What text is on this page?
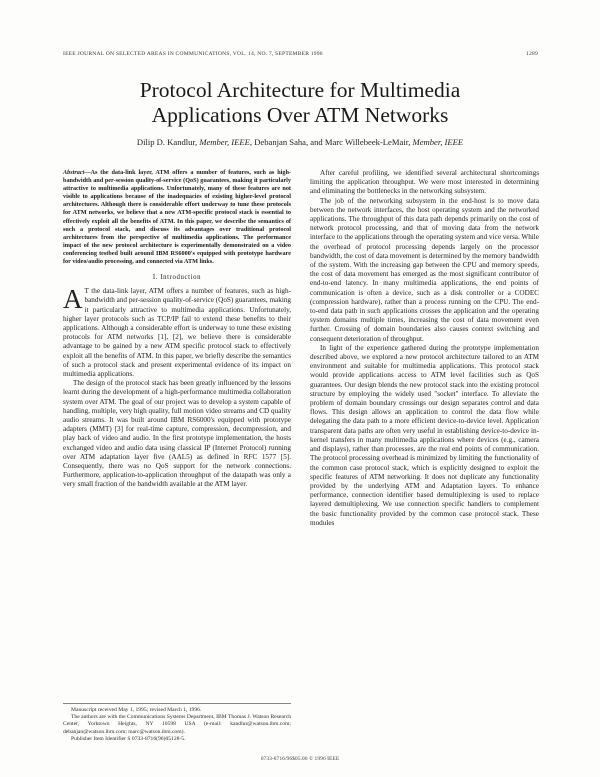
IEEE JOURNAL ON SELECTED AREAS IN COMMUNICATIONS, VOL. 14, NO. 7, SEPTEMBER 1996	1289
Protocol Architecture for Multimedia
Applications Over ATM Networks
Dilip D. Kandlur, Member, IEEE, Debanjan Saha, and Marc Willebeek-LeMair, Member, IEEE
Abstract—As the data-link layer, ATM offers a number of features, such as high-bandwidth and per-session quality-of-service (QoS) guarantees, making it particularly attractive to multimedia applications. Unfortunately, many of these features are not visible to applications because of the inadequacies of existing higher-level protocol architectures. Although there is considerable effort underway to tune these protocols for ATM networks, we believe that a new ATM-specific protocol stack is essential to effectively exploit all the benefits of ATM. In this paper, we describe the semantics of such a protocol stack, and discuss its advantages over traditional protocol architectures from the perspective of multimedia applications. The performance impact of the new protocol architecture is experimentally demonstrated on a video conferencing testbed built around IBM RS6000's equipped with prototype hardware for video/audio processing, and connected via ATM links.
I. Introduction

A T the data-link layer, ATM offers a number of features, such as high-bandwidth and per-session quality-of-service (QoS) guarantees, making it particularly attractive to multimedia applications. Unfortunately, higher layer protocols such as TCP/IP fail to extend these benefits to their applications. Although a considerable effort is underway to tune these existing protocols for ATM networks [1], [2], we believe there is considerable advantage to be gained by a new ATM specific protocol stack to effectively exploit all the benefits of ATM. In this paper, we briefly describe the semantics of such a protocol stack and present experimental evidence of its impact on multimedia applications.

The design of the protocol stack has been greatly influenced by the lessons learnt during the development of a high-performance multimedia collaboration system over ATM. The goal of our project was to develop a system capable of handling, multiple, very high quality, full motion video streams and CD quality audio streams. It was built around IBM RS6000's equipped with prototype adapters (MMT) [3] for real-time capture, compression, decompression, and play back of video and audio. In the first prototype implementation, the hosts exchanged video and audio data using classical IP (Internet Protocol) running over ATM adaptation layer five (AAL5) as defined in RFC 1577 [5]. Consequently, there was no QoS support for the network connections. Furthermore, application-to-application throughput of the datapath was only a very small fraction of the bandwidth available at the ATM layer.

After careful profiling, we identified several architectural shortcomings limiting the application throughput. We were most interested in determining and eliminating the bottlenecks in the networking subsystem.

The job of the networking subsystem in the end-host is to move data between the network interfaces, the host operating system and the networked applications. The throughput of this data path depends primarily on the cost of network protocol processing, and that of moving data from the network interface to the applications through the operating system and vice versa. While the overhead of protocol processing depends largely on the processor bandwidth, the cost of data movement is determined by the memory bandwidth of the system. With the increasing gap between the CPU and memory speeds, the cost of data movement has emerged as the most significant contributor of end-to-end latency. In many multimedia applications, the end points of communication is often a device, such as a disk controller or a CODEC (compression hardware), rather than a process running on the CPU. The end-to-end data path in such applications crosses the application and the operating system domains multiple times, increasing the cost of data movement even further. Crossing of domain boundaries also causes context switching and consequent deterioration of throughput.

In light of the experience gathered during the prototype implementation described above, we explored a new protocol architecture tailored to an ATM environment and suitable for multimedia applications. This protocol stack would provide applications access to ATM level facilities such as QoS guarantees. Our design blends the new protocol stack into the existing protocol structure by employing the widely used "socket" interface. To alleviate the problem of domain boundary crossings our design separates control and data flows. This design allows an application to control the data flow while delegating the data path to a more efficient device-to-device level. Application transparent data paths are often very useful in establishing device-to-device in-kernel transfers in many multimedia applications where devices (e.g., camera and displays), rather than processes, are the real end points of communication. The protocol processing overhead is minimized by limiting the functionality of the common case protocol stack, which is explicitly designed to exploit the specific features of ATM networking. It does not duplicate any functionality provided by the underlying ATM and Adaptation layers. To enhance performance, connection identifier based demultiplexing is used to replace layered demultiplexing. We use connection specific handlers to complement the basic functionality provided by the common case protocol stack. These modules

Manuscript received May 1, 1995; revised March 1, 1996.

The authors are with the Communications Systems Department, IBM Thomas J. Watson Research Center, Yorktown Heights, NY 10598 USA (e-mail: kandlur@watson.ibm.com; debanjan@watson.ibm.com; marc@watson.ibm.com).

Publisher Item Identifier S 0733-8716(96)05128-5.

0733-8716/96$05.00 © 1996 IEEE
